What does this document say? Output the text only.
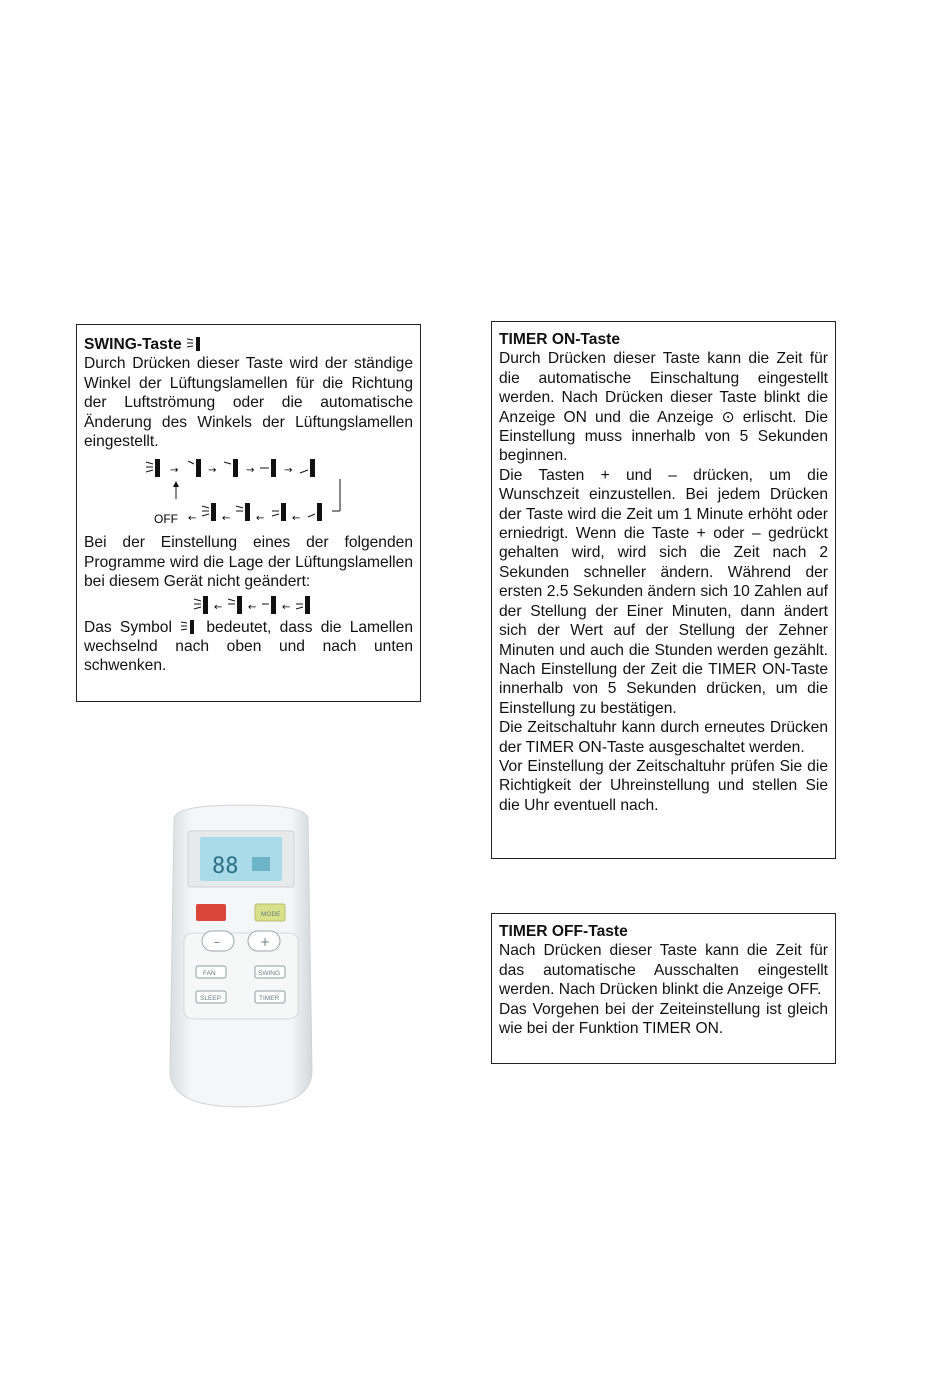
SWING-Taste

Durch Drücken dieser Taste wird der ständige Winkel der Lüftungslamellen für die Richtung der Luftströmung oder die automatische Änderung des Winkels der Lüftungslamellen eingestellt.

→	→	→	→
OFF ←	←	←	←

Bei der Einstellung eines der folgenden Programme wird die Lage der Lüftungslamellen bei diesem Gerät nicht geändert:

←	←	←

Das Symbol bedeutet, dass die Lamellen wechselnd nach oben und nach unten schwenken.

TIMER ON-Taste

Durch Drücken dieser Taste kann die Zeit für die automatische Einschaltung eingestellt werden. Nach Drücken dieser Taste blinkt die Anzeige ON und die Anzeige ⊙ erlischt. Die Einstellung muss innerhalb von 5 Sekunden beginnen.

Die Tasten + und – drücken, um die Wunschzeit einzustellen. Bei jedem Drücken der Taste wird die Zeit um 1 Minute erhöht oder erniedrigt. Wenn die Taste + oder – gedrückt gehalten wird, wird sich die Zeit nach 2 Sekunden schneller ändern. Während der ersten 2.5 Sekunden ändern sich 10 Zahlen auf der Stellung der Einer Minuten, dann ändert sich der Wert auf der Stellung der Zehner Minuten und auch die Stunden werden gezählt. Nach Einstellung der Zeit die TIMER ON-Taste innerhalb von 5 Sekunden drücken, um die Einstellung zu bestätigen.

Die Zeitschaltuhr kann durch erneutes Drücken der TIMER ON-Taste ausgeschaltet werden.

Vor Einstellung der Zeitschaltuhr prüfen Sie die Richtigkeit der Uhreinstellung und stellen Sie die Uhr eventuell nach.

TIMER OFF-Taste

Nach Drücken dieser Taste kann die Zeit für das automatische Ausschalten eingestellt werden. Nach Drücken blinkt die Anzeige OFF.

Das Vorgehen bei der Zeiteinstellung ist gleich wie bei der Funktion TIMER ON.

88
MODE
–	+
FAN	SWING
SLEEP	TIMER
